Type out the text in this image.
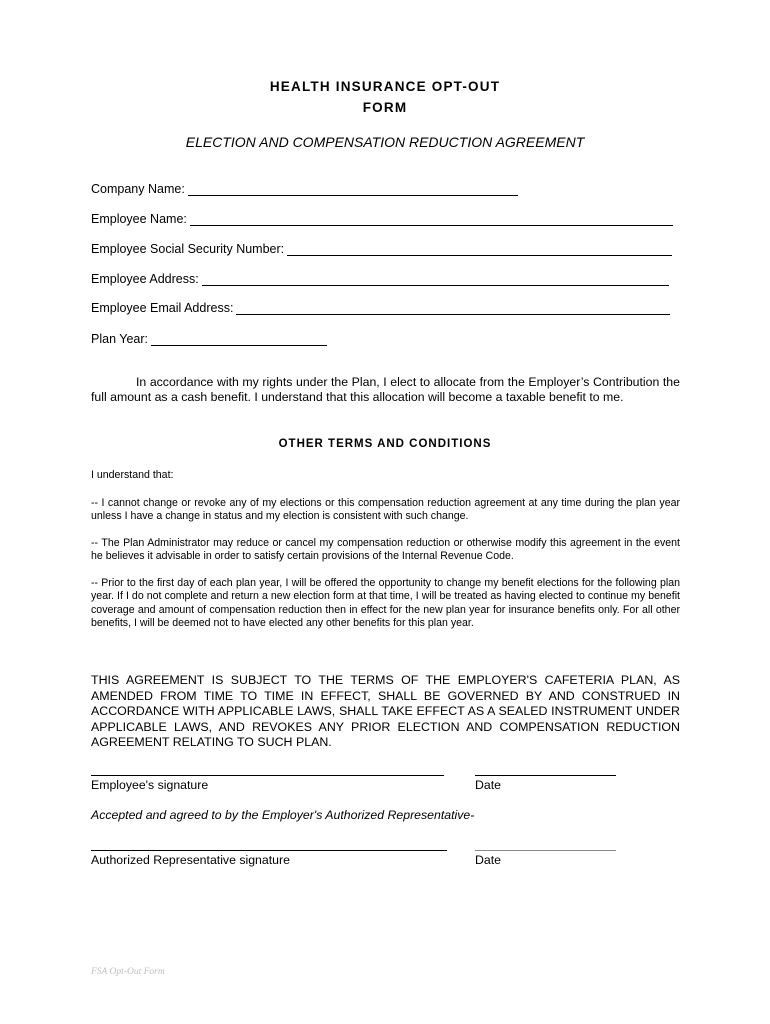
HEALTH INSURANCE OPT-OUT
FORM
ELECTION AND COMPENSATION REDUCTION AGREEMENT
Company Name:
Employee Name:
Employee Social Security Number:
Employee Address:
Employee Email Address:
Plan Year:
In accordance with my rights under the Plan, I elect to allocate from the Employer’s Contribution the full amount as a cash benefit. I understand that this allocation will become a taxable benefit to me.
OTHER TERMS AND CONDITIONS
I understand that:
-- I cannot change or revoke any of my elections or this compensation reduction agreement at any time during the plan year unless I have a change in status and my election is consistent with such change.
-- The Plan Administrator may reduce or cancel my compensation reduction or otherwise modify this agreement in the event he believes it advisable in order to satisfy certain provisions of the Internal Revenue Code.
-- Prior to the first day of each plan year, I will be offered the opportunity to change my benefit elections for the following plan year. If I do not complete and return a new election form at that time, I will be treated as having elected to continue my benefit coverage and amount of compensation reduction then in effect for the new plan year for insurance benefits only. For all other benefits, I will be deemed not to have elected any other benefits for this plan year.
THIS AGREEMENT IS SUBJECT TO THE TERMS OF THE EMPLOYER'S CAFETERIA PLAN, AS AMENDED FROM TIME TO TIME IN EFFECT, SHALL BE GOVERNED BY AND CONSTRUED IN ACCORDANCE WITH APPLICABLE LAWS, SHALL TAKE EFFECT AS A SEALED INSTRUMENT UNDER APPLICABLE LAWS, AND REVOKES ANY PRIOR ELECTION AND COMPENSATION REDUCTION AGREEMENT RELATING TO SUCH PLAN.
Employee's signature	Date
Accepted and agreed to by the Employer's Authorized Representative-
Authorized Representative signature	Date
FSA Opt-Out Form
